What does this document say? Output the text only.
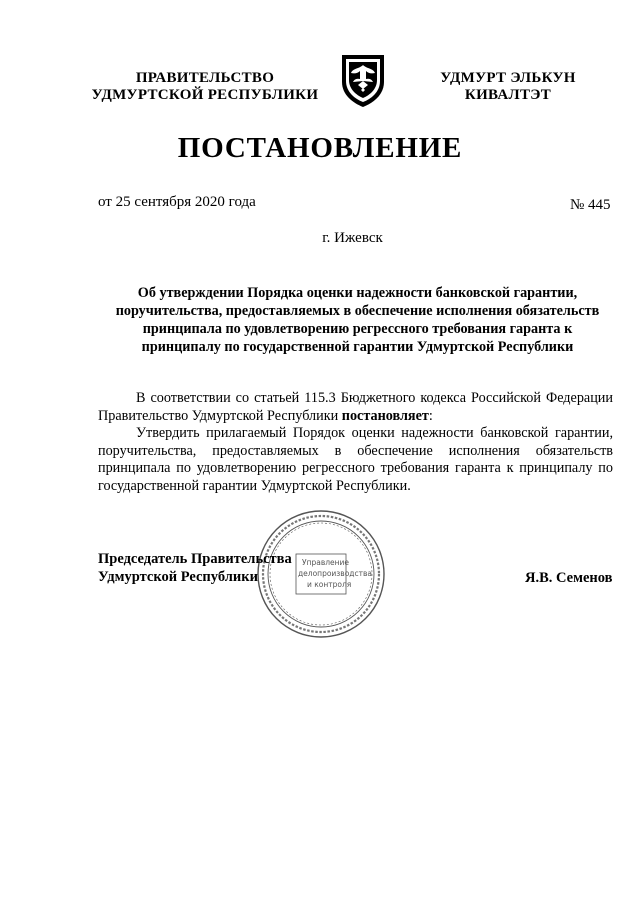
ПРАВИТЕЛЬСТВО
УДМУРТСКОЙ РЕСПУБЛИКИ
УДМУРТ ЭЛЬКУН
КИВАЛТЭТ
ПОСТАНОВЛЕНИЕ
от 25 сентября 2020 года	№ 445
г. Ижевск
Об утверждении Порядка оценки надежности банковской гарантии,
поручительства, предоставляемых в обеспечение исполнения обязательств
принципала по удовлетворению регрессного требования гаранта к
принципалу по государственной гарантии Удмуртской Республики

В соответствии со статьей 115.3 Бюджетного кодекса Российской Федерации Правительство Удмуртской Республики постановляет:

Утвердить прилагаемый Порядок оценки надежности банковской гарантии, поручительства, предоставляемых в обеспечение исполнения обязательств принципала по удовлетворению регрессного требования гаранта к принципалу по государственной гарантии Удмуртской Республики.

Управление
делопроизводства
и контроля
Председатель Правительства
Удмуртской Республики	Я.В. Семенов
